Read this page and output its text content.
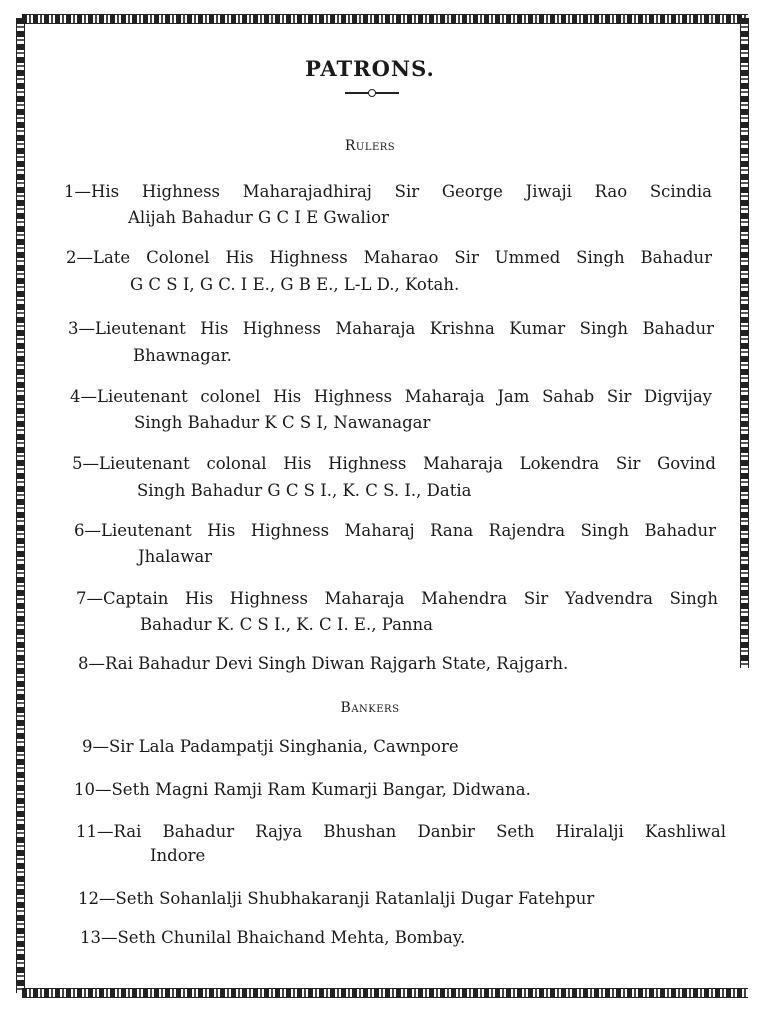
PATRONS.
Rulers
1—His Highness Maharajadhiraj Sir George Jiwaji Rao Scindia
Alijah Bahadur G C I E Gwalior
2—Late Colonel His Highness Maharao Sir Ummed Singh Bahadur
G C S I, G C. I E., G B E., L-L D., Kotah.
3—Lieutenant His Highness Maharaja Krishna Kumar Singh Bahadur
Bhawnagar.
4—Lieutenant colonel His Highness Maharaja Jam Sahab Sir Digvijay
Singh Bahadur K C S I, Nawanagar
5—Lieutenant colonal His Highness Maharaja Lokendra Sir Govind
Singh Bahadur G C S I., K. C S. I., Datia
6—Lieutenant His Highness Maharaj Rana Rajendra Singh Bahadur
Jhalawar
7—Captain His Highness Maharaja Mahendra Sir Yadvendra Singh
Bahadur K. C S I., K. C I. E., Panna
8—Rai Bahadur Devi Singh Diwan Rajgarh State, Rajgarh.
Bankers
9—Sir Lala Padampatji Singhania, Cawnpore
10—Seth Magni Ramji Ram Kumarji Bangar, Didwana.
11—Rai Bahadur Rajya Bhushan Danbir Seth Hiralalji Kashliwal
Indore
12—Seth Sohanlalji Shubhakaranji Ratanlalji Dugar Fatehpur
13—Seth Chunilal Bhaichand Mehta, Bombay.
